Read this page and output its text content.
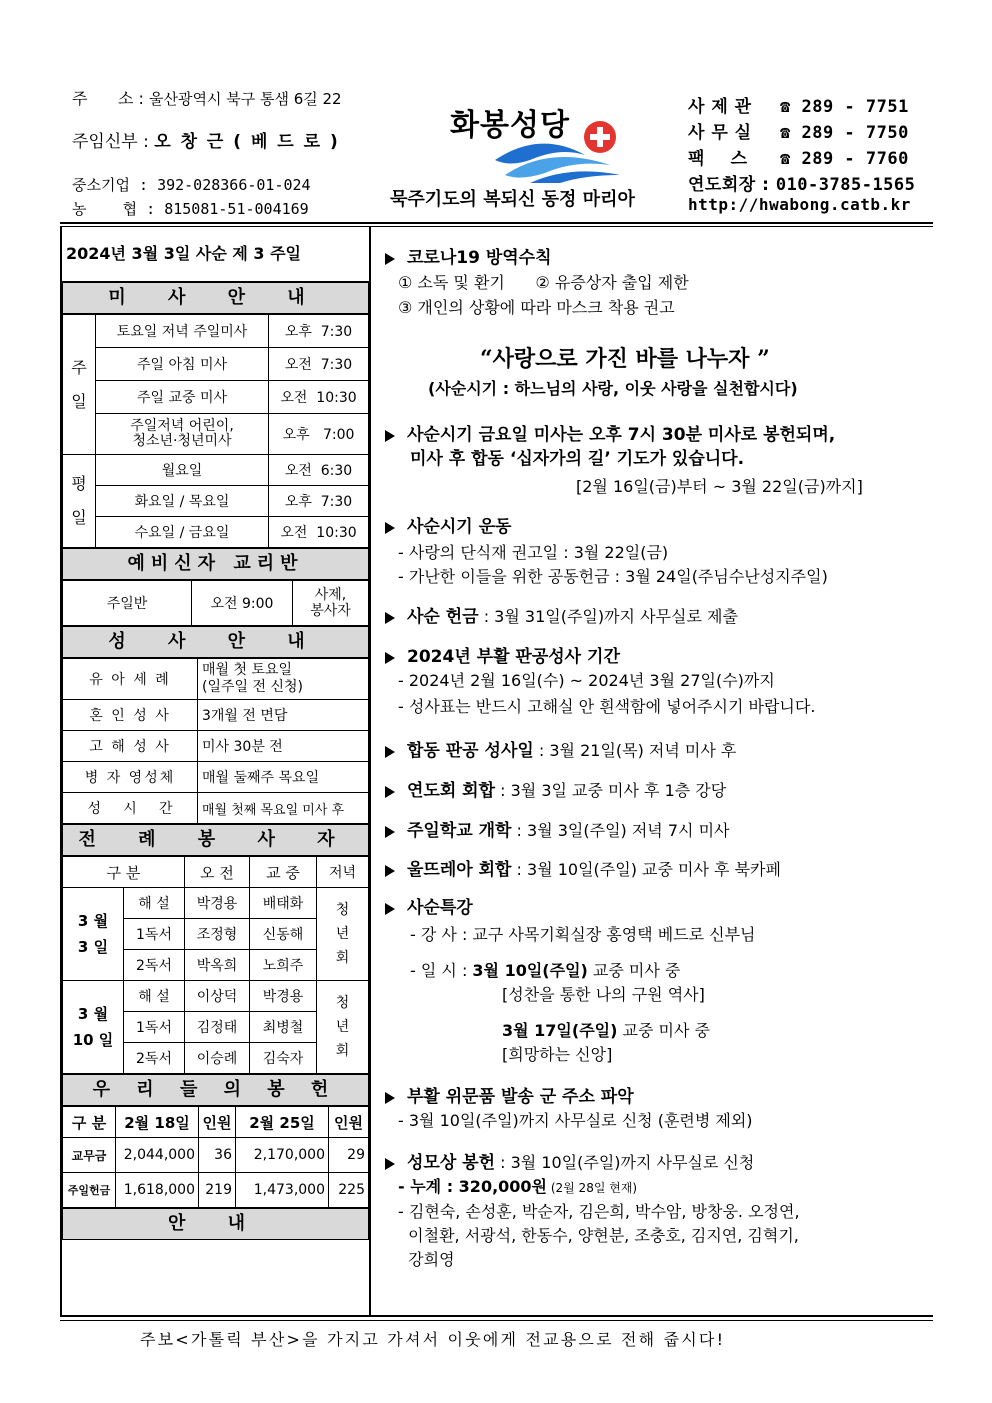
주      소 : 울산광역시 북구 통샘 6길 22
주임신부 : 오 창 근 ( 베 드 로 )
중소기업 : 392-028366-01-024
농    협 : 815081-51-004169
화봉성당
묵주기도의 복되신 동정 마리아
사 제 관 ☎ 289 - 7751
사 무 실 ☎ 289 - 7750
팩    스 ☎ 289 - 7760
연도회장 : 010-3785-1565
http://hwabong.catb.kr
2024년 3월 3일 사순 제 3 주일
미 사 안 내
주일	토요일 저녁 주일미사	오후  7:30
	주일 아침 미사	오전  7:30
	주일 교중 미사	오전  10:30
	주일저녁 어린이,
청소년·청년미사	오후   7:00
평일	월요일	오전  6:30
	화요일 / 목요일	오후  7:30
	수요일 / 금요일	오전  10:30
예비신자 교리반
주일반	오전 9:00	사제,
봉사자
성 사 안 내
유 아 세 례	매월 첫 토요일
(일주일 전 신청)
혼 인 성 사	3개월 전 면담
고 해 성 사	미사 30분 전
병 자 영성체	매월 둘째주 목요일
성     시     간	매월 첫째 목요일 미사 후
전 례 봉 사 자
구 분		오 전	교 중	저녁
3 월
3 일	해 설	박경용	배태화	청
년
회
	1독서	조정형	신동해	
	2독서	박옥희	노희주	
3 월
10 일	해 설	이상덕	박경용	청
년
회
	1독서	김정태	최병철	
	2독서	이승례	김숙자	
우 리 들 의 봉 헌
구 분	2월 18일	인원	2월 25일	인원
교무금	2,044,000	36	2,170,000	29
주일헌금	1,618,000	219	1,473,000	225
안 내
코로나19 방역수칙
① 소독 및 환기      ② 유증상자 출입 제한
③ 개인의 상황에 따라 마스크 착용 권고
“사랑으로 가진 바를 나누자 ”
(사순시기 : 하느님의 사랑, 이웃 사랑을 실천합시다)
사순시기 금요일 미사는 오후 7시 30분 미사로 봉헌되며,
미사 후 합동 ‘십자가의 길’ 기도가 있습니다.
[2월 16일(금)부터 ~ 3월 22일(금)까지]
사순시기 운동
- 사랑의 단식재 권고일 : 3월 22일(금)
- 가난한 이들을 위한 공동헌금 : 3월 24일(주님수난성지주일)
사순 헌금 : 3월 31일(주일)까지 사무실로 제출
2024년 부활 판공성사 기간
- 2024년 2월 16일(수) ~ 2024년 3월 27일(수)까지
- 성사표는 반드시 고해실 안 흰색함에 넣어주시기 바랍니다.
합동 판공 성사일 : 3월 21일(목) 저녁 미사 후
연도회 회합 : 3월 3일 교중 미사 후 1층 강당
주일학교 개학 : 3월 3일(주일) 저녁 7시 미사
울뜨레아 회합 : 3월 10일(주일) 교중 미사 후 북카페
사순특강
- 강 사 : 교구 사목기획실장 홍영택 베드로 신부님
- 일 시 : 3월 10일(주일) 교중 미사 중
[성찬을 통한 나의 구원 역사]
3월 17일(주일) 교중 미사 중
[희망하는 신앙]
부활 위문품 발송 군 주소 파악
- 3월 10일(주일)까지 사무실로 신청 (훈련병 제외)
성모상 봉헌 : 3월 10일(주일)까지 사무실로 신청
- 누계 : 320,000원 (2월 28일 현재)
- 김현숙, 손성훈, 박순자, 김은희, 박수암, 방창웅. 오정연,
이철환, 서광석, 한동수, 양현분, 조충호, 김지연, 김혁기,
강희영
주보<가톨릭 부산>을 가지고 가셔서 이웃에게 전교용으로 전해 줍시다!
